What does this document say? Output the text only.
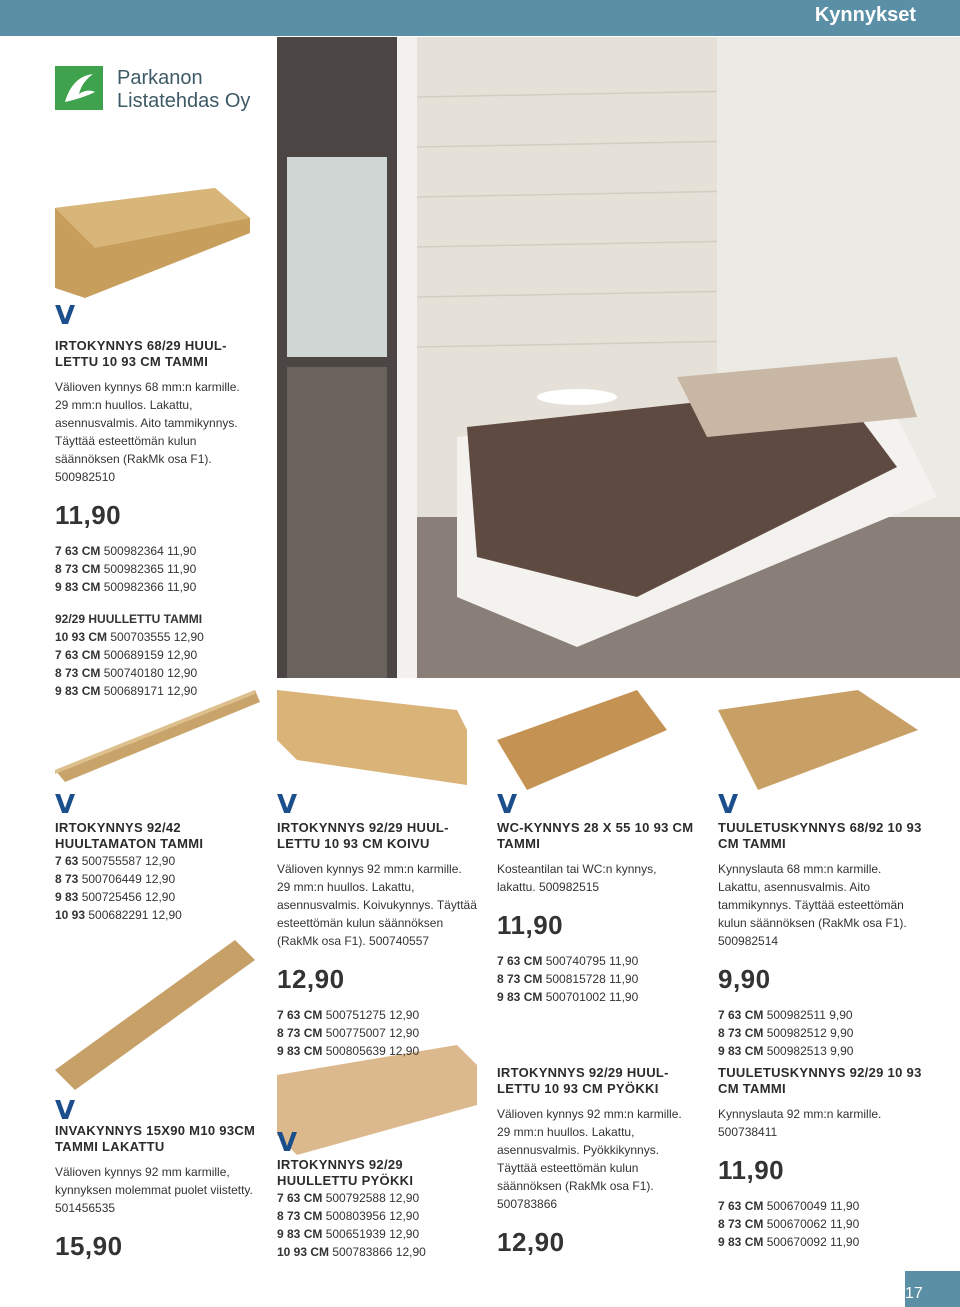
Kynnykset
Parkanon
Listatehdas Oy
V
V	V	V	V
V
V
IRTOKYNNYS 68/29 HUUL-LETTU 10 93 CM TAMMI
Välioven kynnys 68 mm:n karmille. 29 mm:n huullos. Lakattu, asennusvalmis. Aito tammikynnys. Täyttää esteettömän kulun säännöksen (RakMk osa F1). 500982510
11,90
7 63 CM 500982364 11,90
8 73 CM 500982365 11,90
9 83 CM 500982366 11,90
92/29 HUULLETTU TAMMI
10 93 CM 500703555 12,90
7 63 CM 500689159 12,90
8 73 CM 500740180 12,90
9 83 CM 500689171 12,90
IRTOKYNNYS 92/42 HUULTAMATON TAMMI
7 63 500755587 12,90
8 73 500706449 12,90
9 83 500725456 12,90
10 93 500682291 12,90
IRTOKYNNYS 92/29 HUUL-LETTU 10 93 CM KOIVU
Välioven kynnys 92 mm:n karmille. 29 mm:n huullos. Lakattu, asennusvalmis. Koivukynnys. Täyttää esteettömän kulun säännöksen (RakMk osa F1). 500740557
12,90
7 63 CM 500751275 12,90
8 73 CM 500775007 12,90
9 83 CM 500805639 12,90
WC-KYNNYS 28 X 55 10 93 CM TAMMI
Kosteantilan tai WC:n kynnys, lakattu. 500982515
11,90
7 63 CM 500740795 11,90
8 73 CM 500815728 11,90
9 83 CM 500701002 11,90
TUULETUSKYNNYS 68/92 10 93 CM TAMMI
Kynnyslauta 68 mm:n karmille. Lakattu, asennusvalmis. Aito tammikynnys. Täyttää esteettömän kulun säännöksen (RakMk osa F1). 500982514
9,90
7 63 CM 500982511 9,90
8 73 CM 500982512 9,90
9 83 CM 500982513 9,90
INVAKYNNYS 15X90 M10 93CM TAMMI LAKATTU
Välioven kynnys 92 mm karmille, kynnyksen molemmat puolet viistetty. 501456535
15,90
IRTOKYNNYS 92/29 HUULLETTU PYÖKKI
7 63 CM 500792588 12,90
8 73 CM 500803956 12,90
9 83 CM 500651939 12,90
10 93 CM 500783866 12,90
IRTOKYNNYS 92/29 HUUL-LETTU 10 93 CM PYÖKKI
Välioven kynnys 92 mm:n karmille. 29 mm:n huullos. Lakattu, asennusvalmis. Pyökkikynnys. Täyttää esteettömän kulun säännöksen (RakMk osa F1). 500783866
12,90
TUULETUSKYNNYS 92/29 10 93 CM TAMMI
Kynnyslauta 92 mm:n karmille. 500738411
11,90
7 63 CM 500670049 11,90
8 73 CM 500670062 11,90
9 83 CM 500670092 11,90
17
